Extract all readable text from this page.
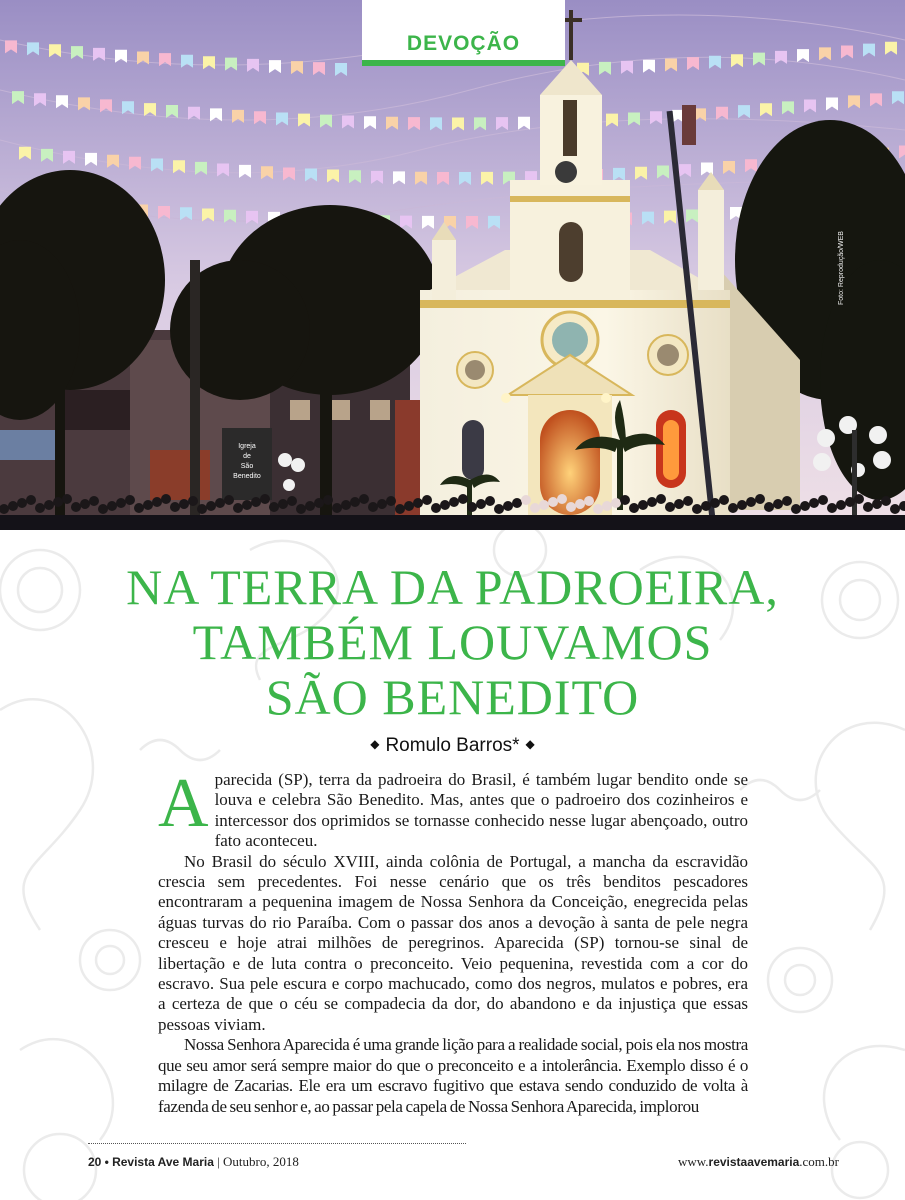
Igreja
de
São
Benedito
DEVOÇÃO
Foto: Reprodução/WEB
NA TERRA DA PADROEIRA,
TAMBÉM LOUVAMOS
SÃO BENEDITO
◆ Romulo Barros* ◆

Aparecida (SP), terra da padroeira do Brasil, é também lugar bendito onde se louva e celebra São Benedito. Mas, antes que o padroeiro dos cozinheiros e intercessor dos oprimidos se tornasse conhecido nesse lugar abençoado, outro fato aconteceu.

No Brasil do século XVIII, ainda colônia de Portugal, a mancha da escravidão crescia sem precedentes. Foi nesse cenário que os três benditos pescadores encontraram a pequenina imagem de Nossa Senhora da Conceição, enegrecida pelas águas turvas do rio Paraíba. Com o passar dos anos a devoção à santa de pele negra cresceu e hoje atrai milhões de peregrinos. Aparecida (SP) tornou-se sinal de libertação e de luta contra o preconceito. Veio pequenina, revestida com a cor do escravo. Sua pele escura e corpo machucado, como dos negros, mulatos e pobres, era a certeza de que o céu se compadecia da dor, do abandono e da injustiça que essas pessoas viviam.

Nossa Senhora Aparecida é uma grande lição para a realidade social, pois ela nos mostra que seu amor será sempre maior do que o preconceito e a intolerância. Exemplo disso é o milagre de Zacarias. Ele era um escravo fugitivo que estava sendo conduzido de volta à fazenda de seu senhor e, ao passar pela capela de Nossa Senhora Aparecida, implorou

20 • Revista Ave Maria | Outubro, 2018	www.revistaavemaria.com.br
